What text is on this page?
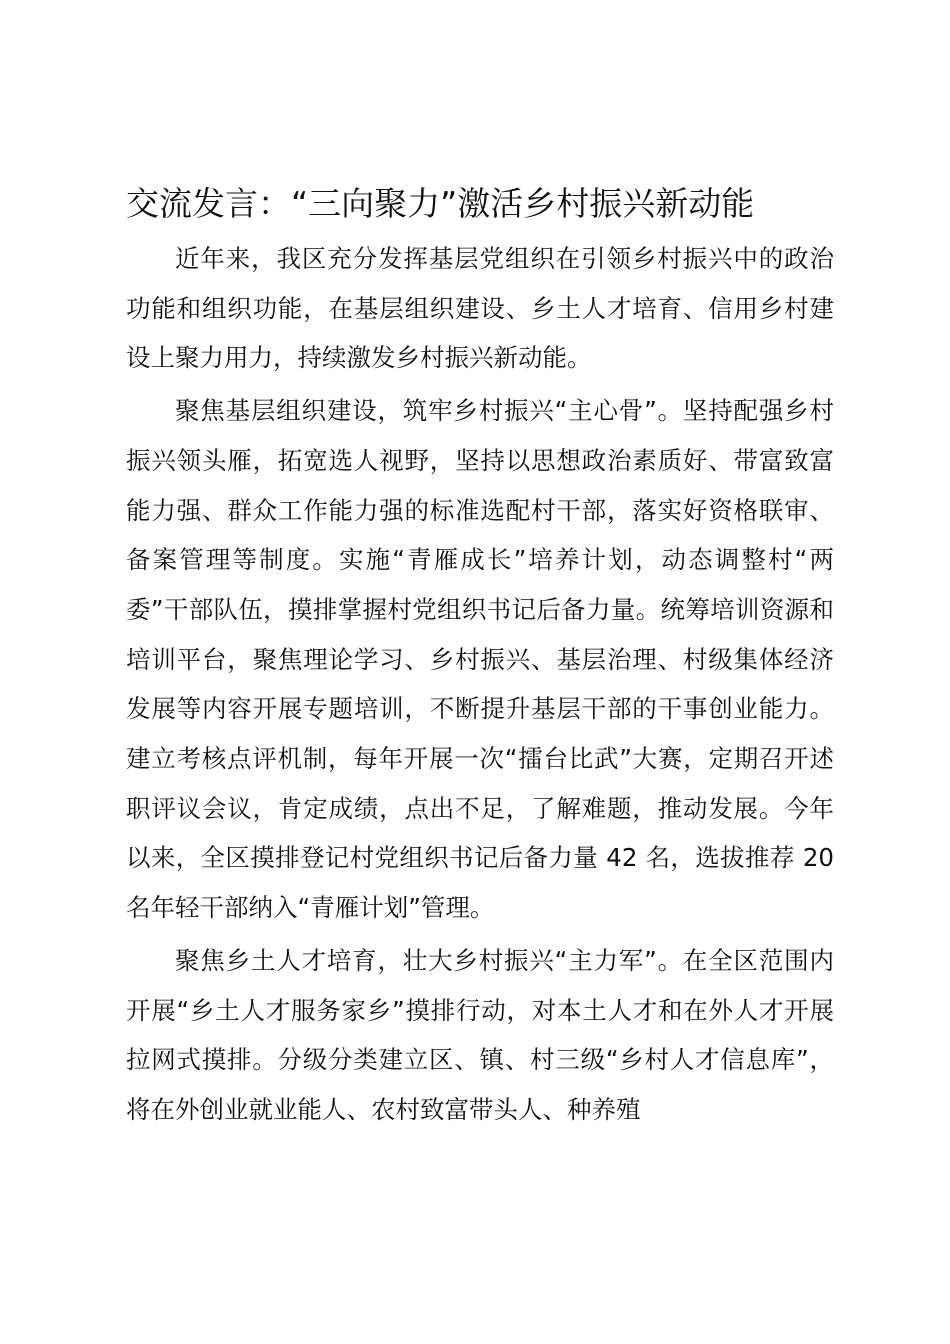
交流发言：“三向聚力”激活乡村振兴新动能

近年来，我区充分发挥基层党组织在引领乡村振兴中的政治功能和组织功能，在基层组织建设、乡土人才培育、信用乡村建设上聚力用力，持续激发乡村振兴新动能。

聚焦基层组织建设，筑牢乡村振兴“主心骨”。坚持配强乡村振兴领头雁，拓宽选人视野，坚持以思想政治素质好、带富致富能力强、群众工作能力强的标准选配村干部，落实好资格联审、备案管理等制度。实施“青雁成长”培养计划，动态调整村“两委”干部队伍，摸排掌握村党组织书记后备力量。统筹培训资源和培训平台，聚焦理论学习、乡村振兴、基层治理、村级集体经济发展等内容开展专题培训，不断提升基层干部的干事创业能力。建立考核点评机制，每年开展一次“擂台比武”大赛，定期召开述职评议会议，肯定成绩，点出不足，了解难题，推动发展。今年以来，全区摸排登记村党组织书记后备力量 42 名，选拔推荐 20 名年轻干部纳入“青雁计划”管理。

聚焦乡土人才培育，壮大乡村振兴“主力军”。在全区范围内开展“乡土人才服务家乡”摸排行动，对本土人才和在外人才开展拉网式摸排。分级分类建立区、镇、村三级“乡村人才信息库”，将在外创业就业能人、农村致富带头人、种养殖
